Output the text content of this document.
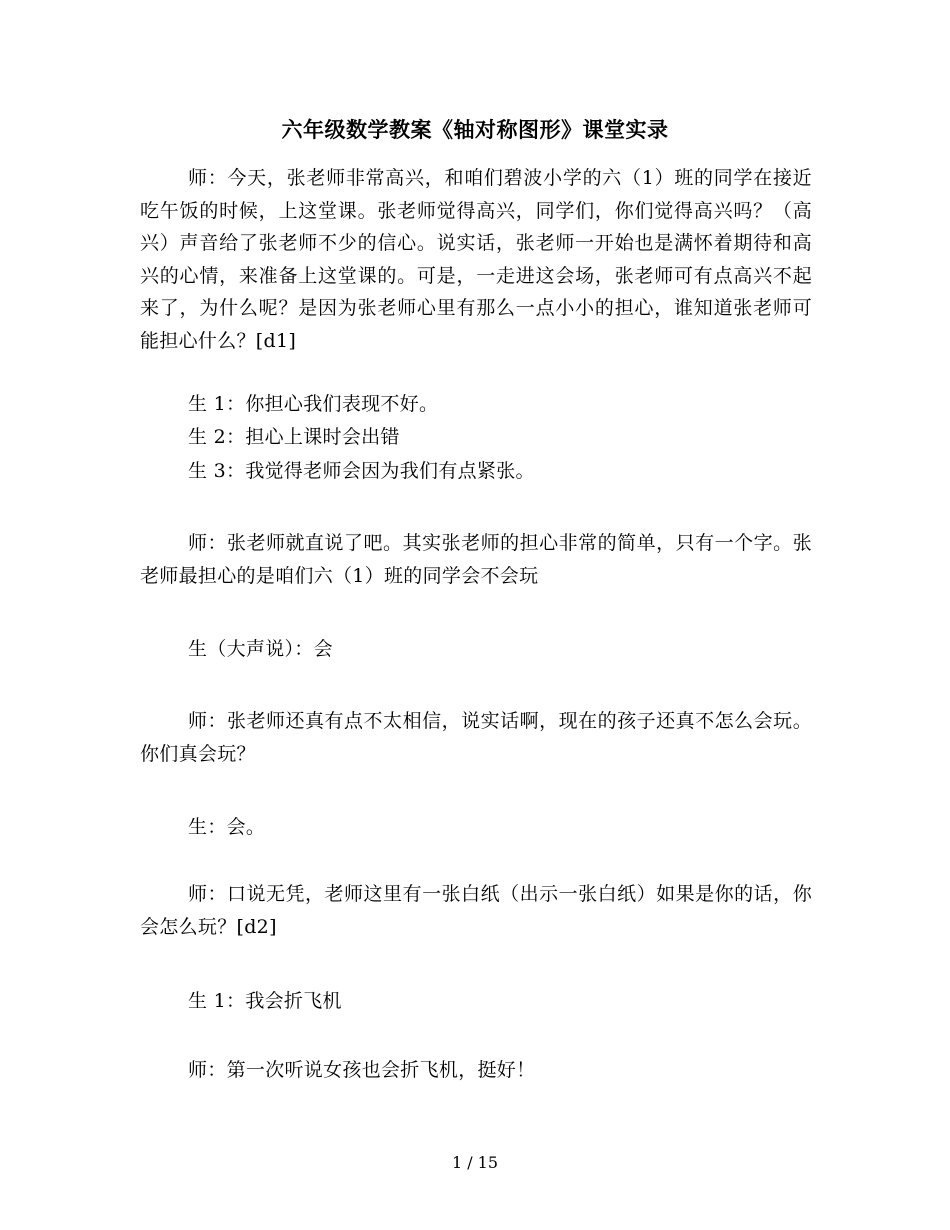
六年级数学教案《轴对称图形》课堂实录

师：今天，张老师非常高兴，和咱们碧波小学的六（1）班的同学在接近吃午饭的时候，上这堂课。张老师觉得高兴，同学们，你们觉得高兴吗？（高兴）声音给了张老师不少的信心。说实话，张老师一开始也是满怀着期待和高兴的心情，来准备上这堂课的。可是，一走进这会场，张老师可有点高兴不起来了，为什么呢？是因为张老师心里有那么一点小小的担心，谁知道张老师可能担心什么？[d1]

生 1：你担心我们表现不好。

生 2：担心上课时会出错

生 3：我觉得老师会因为我们有点紧张。

师：张老师就直说了吧。其实张老师的担心非常的简单，只有一个字。张老师最担心的是咱们六（1）班的同学会不会玩

生（大声说）：会

师：张老师还真有点不太相信，说实话啊，现在的孩子还真不怎么会玩。你们真会玩？

生：会。

师：口说无凭，老师这里有一张白纸（出示一张白纸）如果是你的话，你会怎么玩？[d2]

生 1：我会折飞机

师：第一次听说女孩也会折飞机，挺好！

1 / 15
